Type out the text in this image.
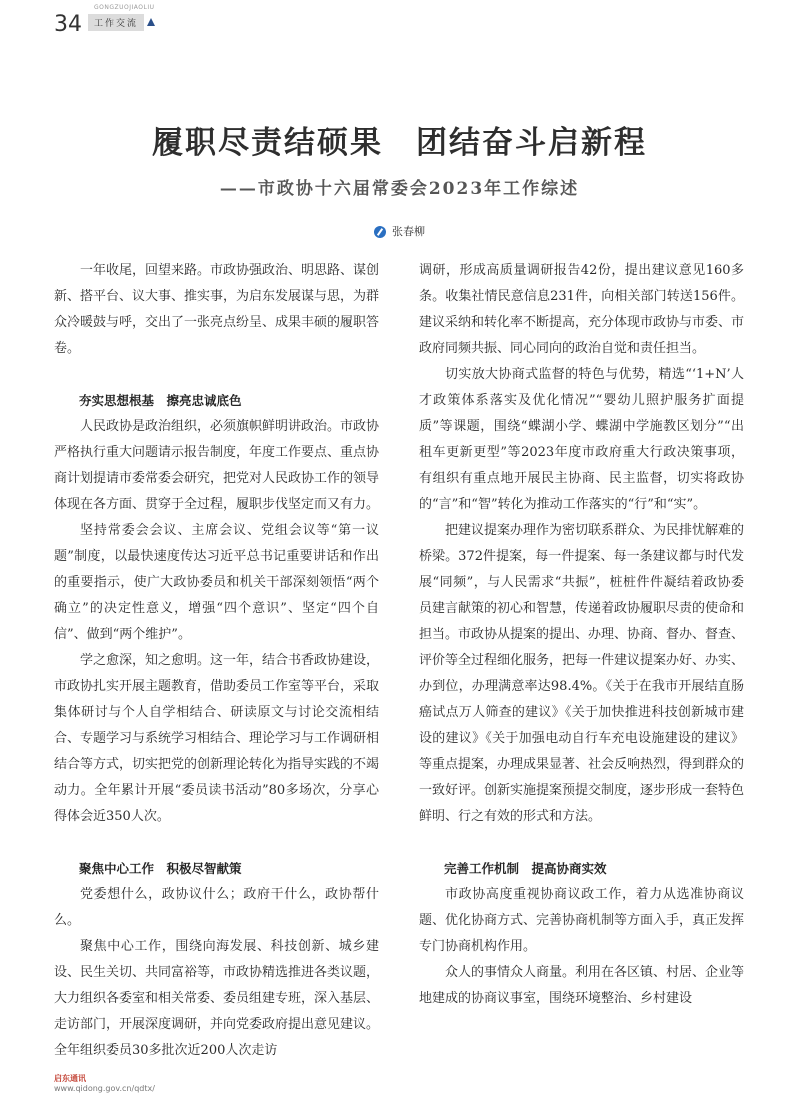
34
GONGZUOJIAOLIU
工作交流
履职尽责结硕果　团结奋斗启新程
——市政协十六届常委会2023年工作综述
张春柳

一年收尾，回望来路。市政协强政治、明思路、谋创新、搭平台、议大事、推实事，为启东发展谋与思，为群众冷暖鼓与呼，交出了一张亮点纷呈、成果丰硕的履职答卷。

夯实思想根基　擦亮忠诚底色

人民政协是政治组织，必须旗帜鲜明讲政治。市政协严格执行重大问题请示报告制度，年度工作要点、重点协商计划提请市委常委会研究，把党对人民政协工作的领导体现在各方面、贯穿于全过程，履职步伐坚定而又有力。

坚持常委会会议、主席会议、党组会议等“第一议题”制度，以最快速度传达习近平总书记重要讲话和作出的重要指示，使广大政协委员和机关干部深刻领悟“两个确立”的决定性意义，增强“四个意识”、坚定“四个自信”、做到“两个维护”。

学之愈深，知之愈明。这一年，结合书香政协建设，市政协扎实开展主题教育，借助委员工作室等平台，采取集体研讨与个人自学相结合、研读原文与讨论交流相结合、专题学习与系统学习相结合、理论学习与工作调研相结合等方式，切实把党的创新理论转化为指导实践的不竭动力。全年累计开展“委员读书活动”80多场次，分享心得体会近350人次。

聚焦中心工作　积极尽智献策

党委想什么，政协议什么；政府干什么，政协帮什么。

聚焦中心工作，围绕向海发展、科技创新、城乡建设、民生关切、共同富裕等，市政协精选推进各类议题，大力组织各委室和相关常委、委员组建专班，深入基层、走访部门，开展深度调研，并向党委政府提出意见建议。全年组织委员30多批次近200人次走访

调研，形成高质量调研报告42份，提出建议意见160多条。收集社情民意信息231件，向相关部门转送156件。建议采纳和转化率不断提高，充分体现市政协与市委、市政府同频共振、同心同向的政治自觉和责任担当。

切实放大协商式监督的特色与优势，精选“‘1+N’人才政策体系落实及优化情况”“婴幼儿照护服务扩面提质”等课题，围绕“蝶湖小学、蝶湖中学施教区划分”“出租车更新更型”等2023年度市政府重大行政决策事项，有组织有重点地开展民主协商、民主监督，切实将政协的“言”和“智”转化为推动工作落实的“行”和“实”。

把建议提案办理作为密切联系群众、为民排忧解难的桥梁。372件提案，每一件提案、每一条建议都与时代发展“同频”，与人民需求“共振”，桩桩件件凝结着政协委员建言献策的初心和智慧，传递着政协履职尽责的使命和担当。市政协从提案的提出、办理、协商、督办、督查、评价等全过程细化服务，把每一件建议提案办好、办实、办到位，办理满意率达98.4%。《关于在我市开展结直肠癌试点万人筛查的建议》《关于加快推进科技创新城市建设的建议》《关于加强电动自行车充电设施建设的建议》等重点提案，办理成果显著、社会反响热烈，得到群众的一致好评。创新实施提案预提交制度，逐步形成一套特色鲜明、行之有效的形式和方法。

完善工作机制　提高协商实效

市政协高度重视协商议政工作，着力从选准协商议题、优化协商方式、完善协商机制等方面入手，真正发挥专门协商机构作用。

众人的事情众人商量。利用在各区镇、村居、企业等地建成的协商议事室，围绕环境整治、乡村建设

启东通讯
www.qidong.gov.cn/qdtx/
